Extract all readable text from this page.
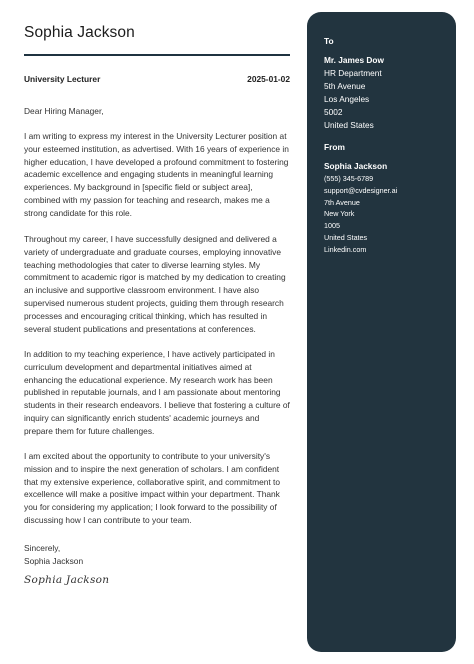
Sophia Jackson
University Lecturer	2025-01-02
Dear Hiring Manager,

I am writing to express my interest in the University Lecturer position at your esteemed institution, as advertised. With 16 years of experience in higher education, I have developed a profound commitment to fostering academic excellence and engaging students in meaningful learning experiences. My background in [specific field or subject area], combined with my passion for teaching and research, makes me a strong candidate for this role.

Throughout my career, I have successfully designed and delivered a variety of undergraduate and graduate courses, employing innovative teaching methodologies that cater to diverse learning styles. My commitment to academic rigor is matched by my dedication to creating an inclusive and supportive classroom environment. I have also supervised numerous student projects, guiding them through research processes and encouraging critical thinking, which has resulted in several student publications and presentations at conferences.

In addition to my teaching experience, I have actively participated in curriculum development and departmental initiatives aimed at enhancing the educational experience. My research work has been published in reputable journals, and I am passionate about mentoring students in their research endeavors. I believe that fostering a culture of inquiry can significantly enrich students' academic journeys and prepare them for future challenges.

I am excited about the opportunity to contribute to your university's mission and to inspire the next generation of scholars. I am confident that my extensive experience, collaborative spirit, and commitment to excellence will make a positive impact within your department. Thank you for considering my application; I look forward to the possibility of discussing how I can contribute to your team.

Sincerely,
Sophia Jackson
Sophia Jackson
To
Mr. James Dow
HR Department
5th Avenue
Los Angeles
5002
United States
From
Sophia Jackson
(555) 345-6789
support@cvdesigner.ai
7th Avenue
New York
1005
United States
Linkedin.com
